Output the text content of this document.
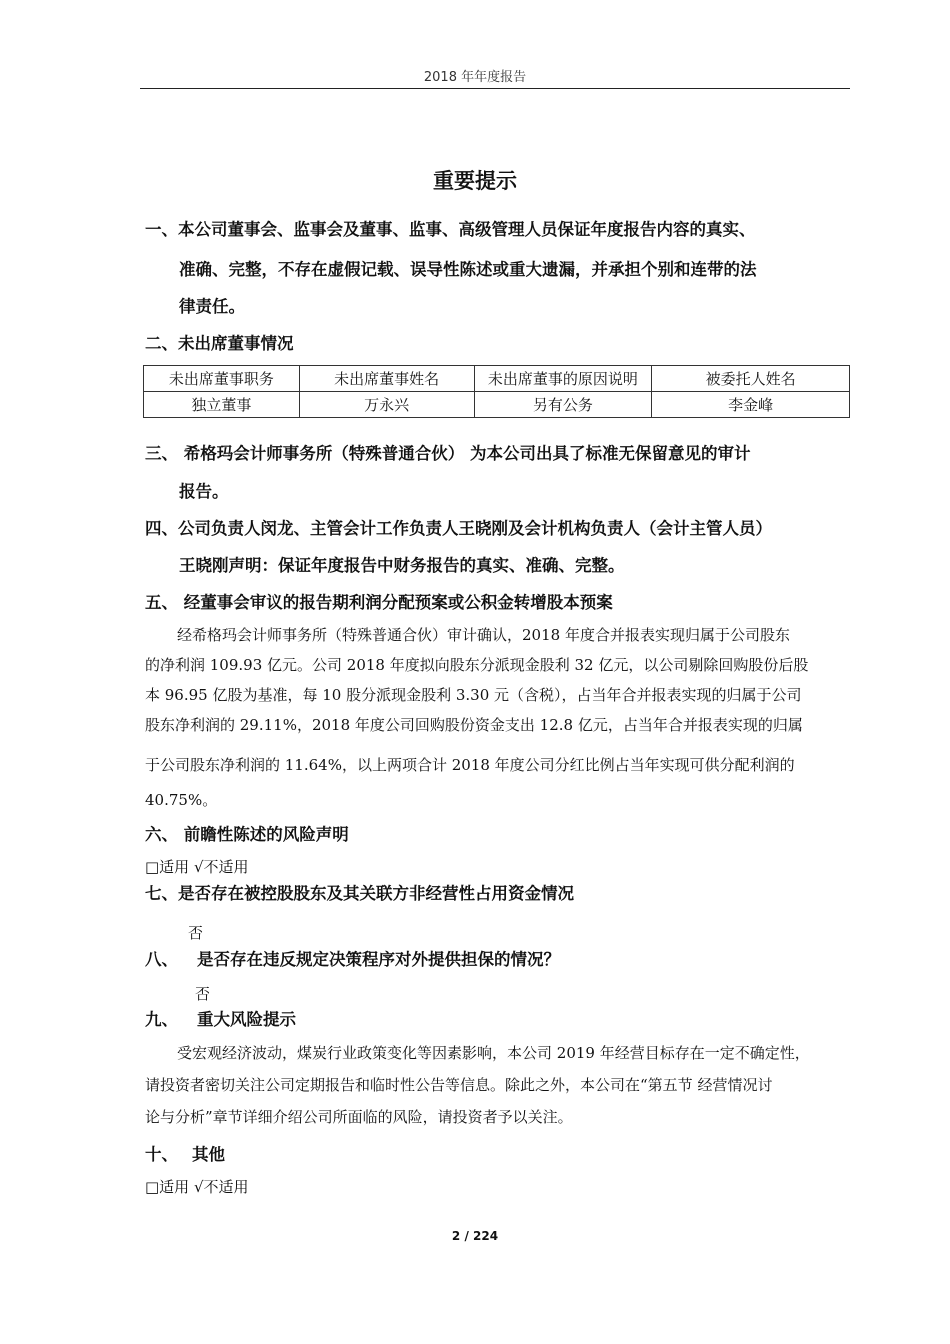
2018 年年度报告
重要提示
一、本公司董事会、监事会及董事、监事、高级管理人员保证年度报告内容的真实、
准确、完整，不存在虚假记载、误导性陈述或重大遗漏，并承担个别和连带的法
律责任。
二、未出席董事情况
未出席董事职务	未出席董事姓名	未出席董事的原因说明	被委托人姓名
独立董事	万永兴	另有公务	李金峰
三、 希格玛会计师事务所（特殊普通合伙） 为本公司出具了标准无保留意见的审计
报告。
四、公司负责人闵龙、主管会计工作负责人王晓刚及会计机构负责人（会计主管人员）
王晓刚声明：保证年度报告中财务报告的真实、准确、完整。
五、 经董事会审议的报告期利润分配预案或公积金转增股本预案
经希格玛会计师事务所（特殊普通合伙）审计确认，2018 年度合并报表实现归属于公司股东
的净利润 109.93 亿元。公司 2018 年度拟向股东分派现金股利 32 亿元，以公司剔除回购股份后股
本 96.95 亿股为基准，每 10 股分派现金股利 3.30 元（含税），占当年合并报表实现的归属于公司
股东净利润的 29.11%，2018 年度公司回购股份资金支出 12.8 亿元，占当年合并报表实现的归属
于公司股东净利润的 11.64%，以上两项合计 2018 年度公司分红比例占当年实现可供分配利润的
40.75%。
六、 前瞻性陈述的风险声明
□适用 √不适用
七、是否存在被控股股东及其关联方非经营性占用资金情况
否
八、 是否存在违反规定决策程序对外提供担保的情况？
否
九、 重大风险提示
受宏观经济波动，煤炭行业政策变化等因素影响，本公司 2019 年经营目标存在一定不确定性，
请投资者密切关注公司定期报告和临时性公告等信息。除此之外，本公司在“第五节 经营情况讨
论与分析”章节详细介绍公司所面临的风险，请投资者予以关注。
十、 其他
□适用 √不适用
2 / 224
